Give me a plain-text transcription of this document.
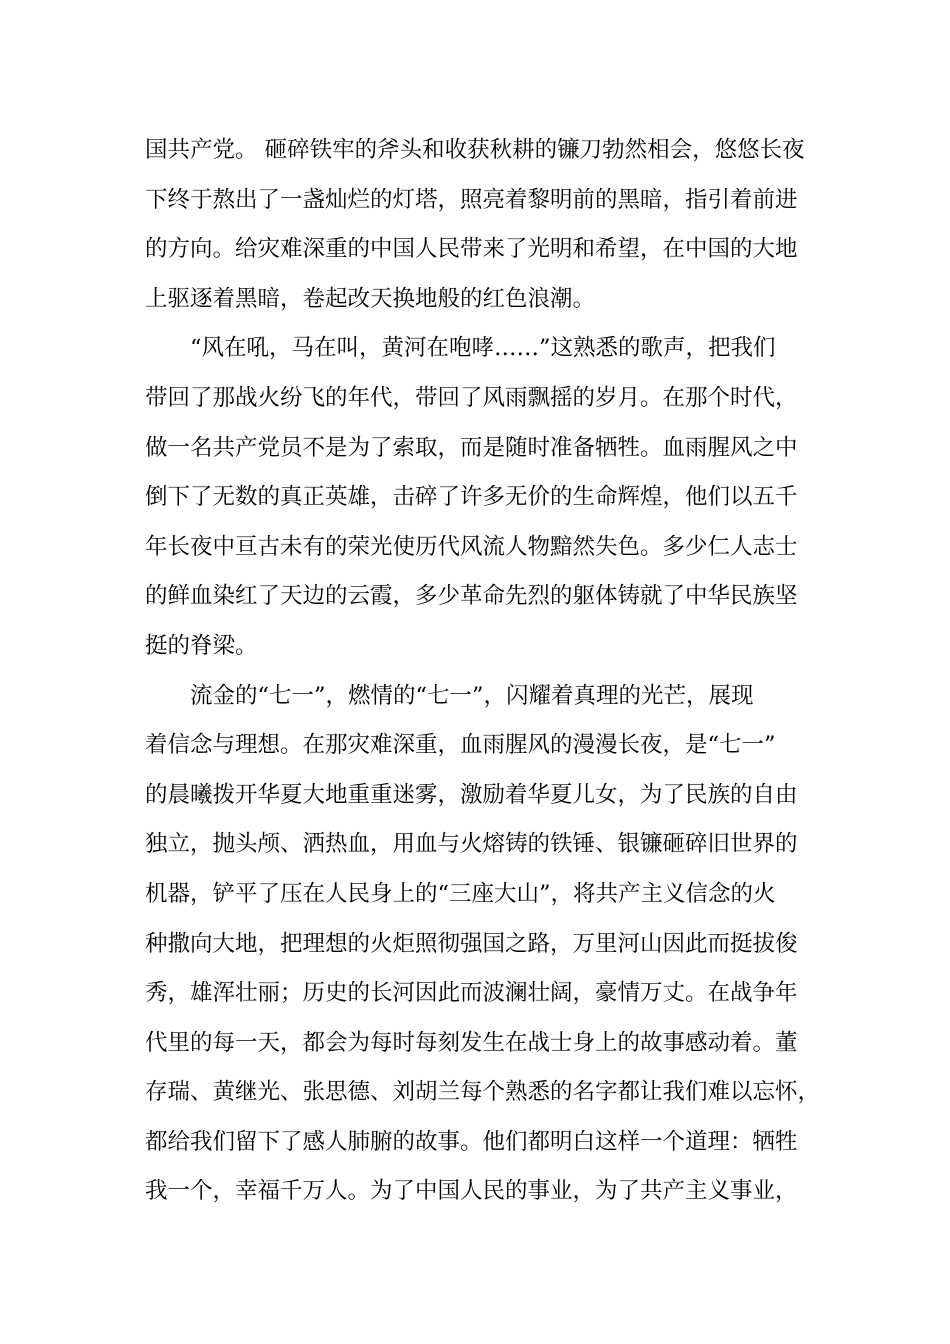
国共产党。 砸碎铁牢的斧头和收获秋耕的镰刀勃然相会，悠悠长夜
下终于熬出了一盏灿烂的灯塔，照亮着黎明前的黑暗，指引着前进
的方向。给灾难深重的中国人民带来了光明和希望，在中国的大地
上驱逐着黑暗，卷起改天换地般的红色浪潮。
“风在吼，马在叫，黄河在咆哮……”这熟悉的歌声，把我们
带回了那战火纷飞的年代，带回了风雨飘摇的岁月。在那个时代，
做一名共产党员不是为了索取，而是随时准备牺牲。血雨腥风之中
倒下了无数的真正英雄，击碎了许多无价的生命辉煌，他们以五千
年长夜中亘古未有的荣光使历代风流人物黯然失色。多少仁人志士
的鲜血染红了天边的云霞，多少革命先烈的躯体铸就了中华民族坚
挺的脊梁。
流金的“七一”，燃情的“七一”，闪耀着真理的光芒，展现
着信念与理想。在那灾难深重，血雨腥风的漫漫长夜，是“七一”
的晨曦拨开华夏大地重重迷雾，激励着华夏儿女，为了民族的自由
独立，抛头颅、洒热血，用血与火熔铸的铁锤、银镰砸碎旧世界的
机器，铲平了压在人民身上的“三座大山”，将共产主义信念的火
种撒向大地，把理想的火炬照彻强国之路，万里河山因此而挺拔俊
秀，雄浑壮丽；历史的长河因此而波澜壮阔，豪情万丈。在战争年
代里的每一天，都会为每时每刻发生在战士身上的故事感动着。董
存瑞、黄继光、张思德、刘胡兰每个熟悉的名字都让我们难以忘怀，
都给我们留下了感人肺腑的故事。他们都明白这样一个道理：牺牲
我一个，幸福千万人。为了中国人民的事业，为了共产主义事业，
